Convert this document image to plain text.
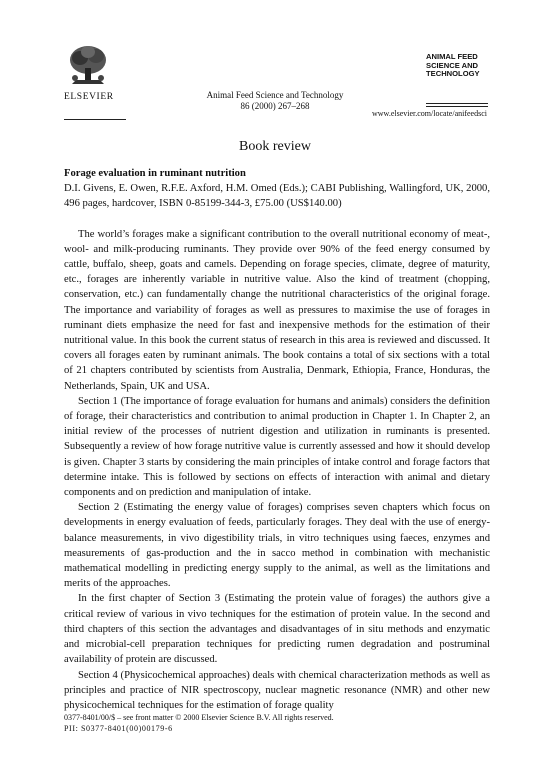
ELSEVIER	Animal Feed Science and Technology
86 (2000) 267–268
ANIMAL FEED
SCIENCE AND
TECHNOLOGY
www.elsevier.com/locate/anifeedsci
Book review
Forage evaluation in ruminant nutrition

D.I. Givens, E. Owen, R.F.E. Axford, H.M. Omed (Eds.); CABI Publishing, Wallingford, UK, 2000, 496 pages, hardcover, ISBN 0-85199-344-3, £75.00 (US$140.00)

The world’s forages make a significant contribution to the overall nutritional economy of meat-, wool- and milk-producing ruminants. They provide over 90% of the feed energy consumed by cattle, buffalo, sheep, goats and camels. Depending on forage species, climate, degree of maturity, etc., forages are inherently variable in nutritive value. Also the kind of treatment (chopping, conservation, etc.) can fundamentally change the nutritional characteristics of the original forage. The importance and variability of forages as well as pressures to maximise the use of forages in ruminant diets emphasize the need for fast and inexpensive methods for the estimation of their nutritional value. In this book the current status of research in this area is reviewed and discussed. It covers all forages eaten by ruminant animals. The book contains a total of six sections with a total of 21 chapters contributed by scientists from Australia, Denmark, Ethiopia, France, Honduras, the Netherlands, Spain, UK and USA.

Section 1 (The importance of forage evaluation for humans and animals) considers the definition of forage, their characteristics and contribution to animal production in Chapter 1. In Chapter 2, an initial review of the processes of nutrient digestion and utilization in ruminants is presented. Subsequently a review of how forage nutritive value is currently assessed and how it should develop is given. Chapter 3 starts by considering the main principles of intake control and forage factors that determine intake. This is followed by sections on effects of interaction with animal and dietary components and on prediction and manipulation of intake.

Section 2 (Estimating the energy value of forages) comprises seven chapters which focus on developments in energy evaluation of feeds, particularly forages. They deal with the use of energy-balance measurements, in vivo digestibility trials, in vitro techniques using faeces, enzymes and measurements of gas-production and the in sacco method in combination with mechanistic mathematical modelling in predicting energy supply to the animal, as well as the limitations and merits of the approaches.

In the first chapter of Section 3 (Estimating the protein value of forages) the authors give a critical review of various in vivo techniques for the estimation of protein value. In the second and third chapters of this section the advantages and disadvantages of in situ methods and enzymatic and microbial-cell preparation techniques for predicting rumen degradation and postruminal availability of protein are discussed.

Section 4 (Physicochemical approaches) deals with chemical characterization methods as well as principles and practice of NIR spectroscopy, nuclear magnetic resonance (NMR) and other new physicochemical techniques for the estimation of forage quality

0377-8401/00/$ – see front matter © 2000 Elsevier Science B.V. All rights reserved.
PII: S0377-8401(00)00179-6
